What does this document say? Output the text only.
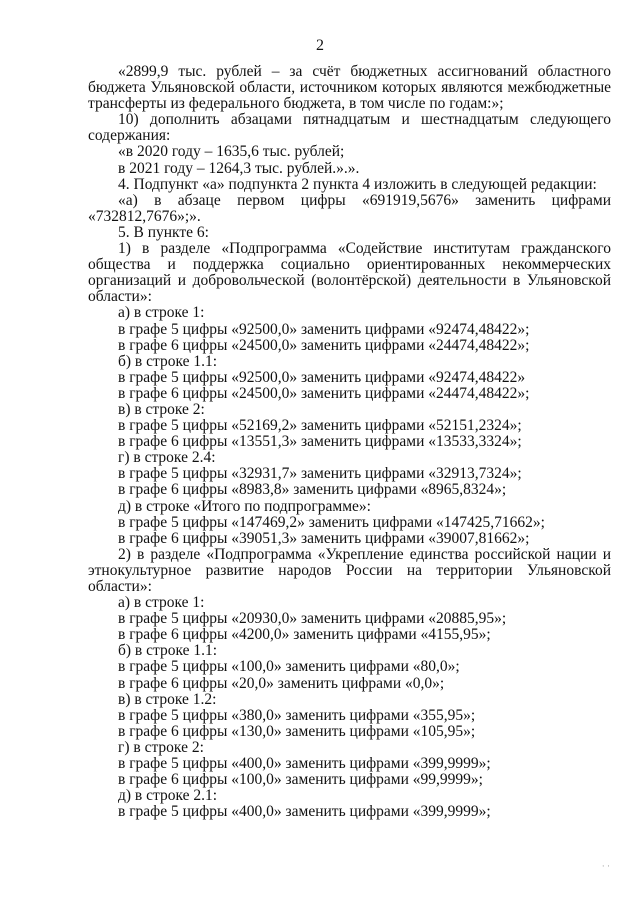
2

«2899,9 тыс. рублей – за счёт бюджетных ассигнований областного бюджета Ульяновской области, источником которых являются межбюджетные трансферты из федерального бюджета, в том числе по годам:»;

10) дополнить абзацами пятнадцатым и шестнадцатым следующего содержания:

«в 2020 году – 1635,6 тыс. рублей;

в 2021 году – 1264,3 тыс. рублей.».».

4. Подпункт «а» подпункта 2 пункта 4 изложить в следующей редакции:

«а) в абзаце первом цифры «691919,5676» заменить цифрами «732812,7676»;».

5. В пункте 6:

1) в разделе «Подпрограмма «Содействие институтам гражданского общества и поддержка социально ориентированных некоммерческих организаций и добровольческой (волонтёрской) деятельности в Ульяновской области»:

а) в строке 1:

в графе 5 цифры «92500,0» заменить цифрами «92474,48422»;

в графе 6 цифры «24500,0» заменить цифрами «24474,48422»;

б) в строке 1.1:

в графе 5 цифры «92500,0» заменить цифрами «92474,48422»

в графе 6 цифры «24500,0» заменить цифрами «24474,48422»;

в) в строке 2:

в графе 5 цифры «52169,2» заменить цифрами «52151,2324»;

в графе 6 цифры «13551,3» заменить цифрами «13533,3324»;

г) в строке 2.4:

в графе 5 цифры «32931,7» заменить цифрами «32913,7324»;

в графе 6 цифры «8983,8» заменить цифрами «8965,8324»;

д) в строке «Итого по подпрограмме»:

в графе 5 цифры «147469,2» заменить цифрами «147425,71662»;

в графе 6 цифры «39051,3» заменить цифрами «39007,81662»;

2) в разделе «Подпрограмма «Укрепление единства российской нации и этнокультурное развитие народов России на территории Ульяновской области»:

а) в строке 1:

в графе 5 цифры «20930,0» заменить цифрами «20885,95»;

в графе 6 цифры «4200,0» заменить цифрами «4155,95»;

б) в строке 1.1:

в графе 5 цифры «100,0» заменить цифрами «80,0»;

в графе 6 цифры «20,0» заменить цифрами «0,0»;

в) в строке 1.2:

в графе 5 цифры «380,0» заменить цифрами «355,95»;

в графе 6 цифры «130,0» заменить цифрами «105,95»;

г) в строке 2:

в графе 5 цифры «400,0» заменить цифрами «399,9999»;

в графе 6 цифры «100,0» заменить цифрами «99,9999»;

д) в строке 2.1:

в графе 5 цифры «400,0» заменить цифрами «399,9999»;

· ·
